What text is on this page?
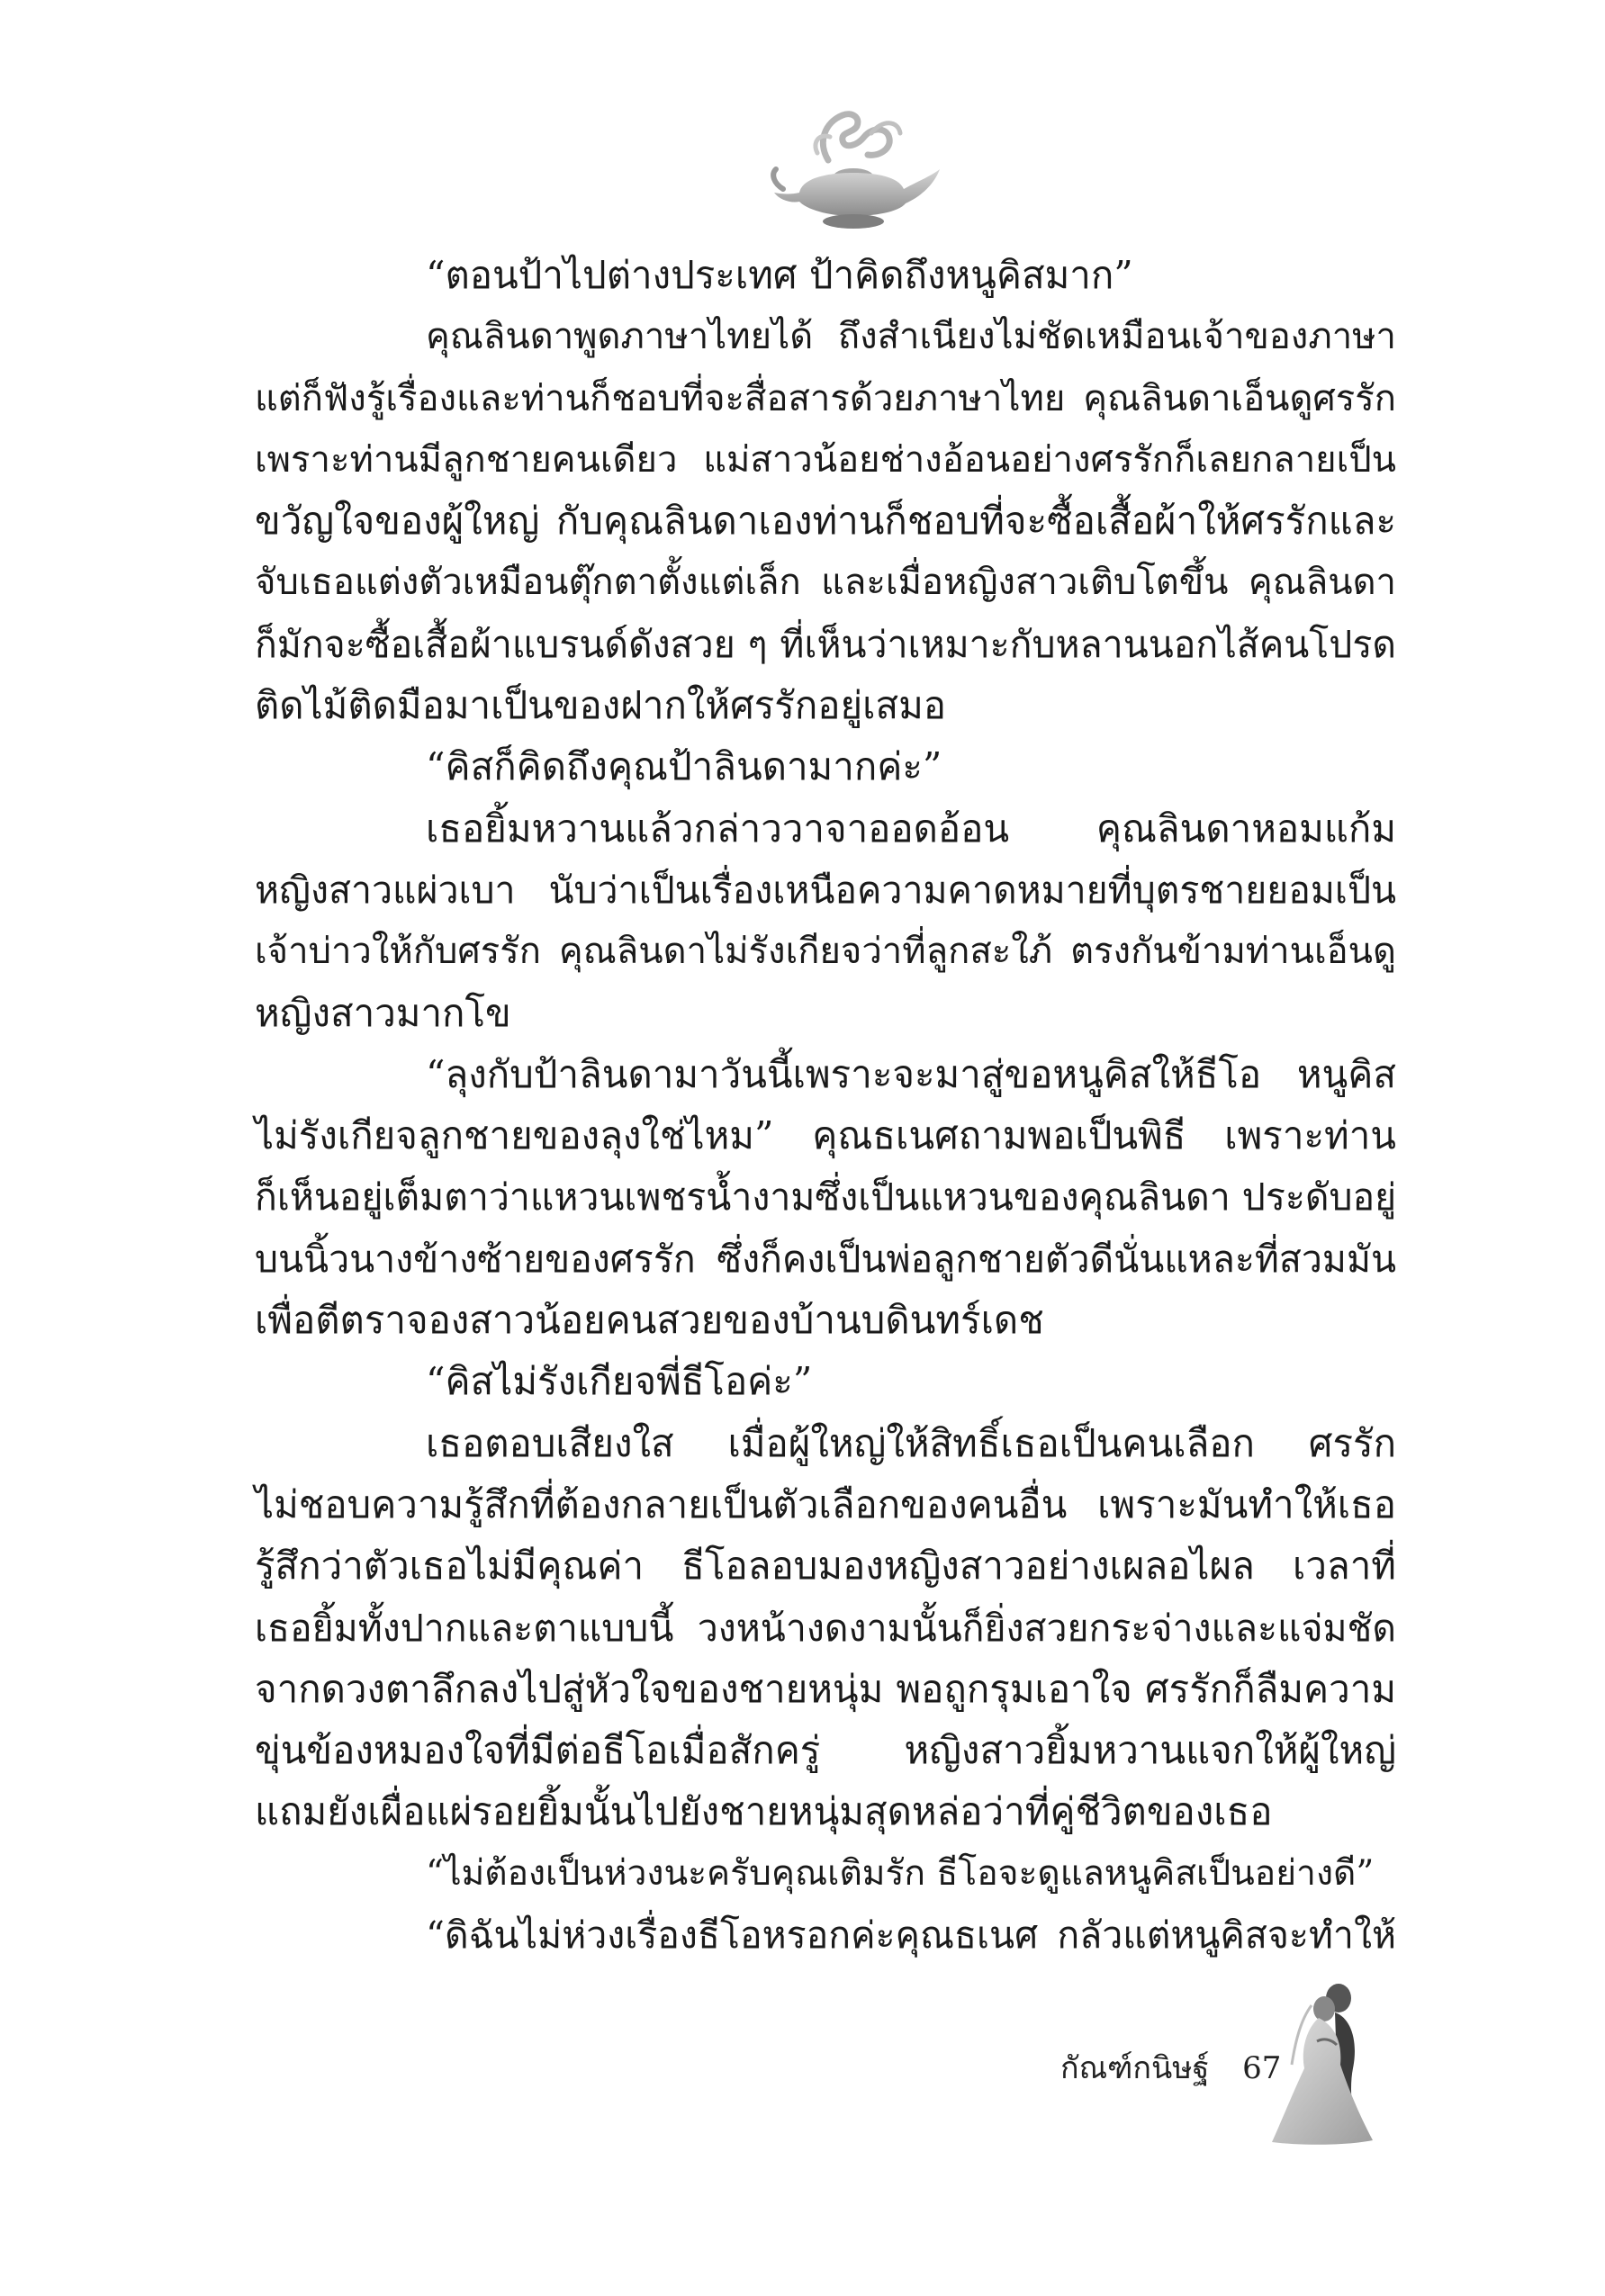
“ตอนป้าไปต่างประเทศ ป้าคิดถึงหนูคิสมาก”
คุณลินดาพูดภาษาไทยได้ ถึงสำเนียงไม่ชัดเหมือนเจ้าของภาษา
แต่ก็ฟังรู้เรื่องและท่านก็ชอบที่จะสื่อสารด้วยภาษาไทย คุณลินดาเอ็นดูศรรัก
เพราะท่านมีลูกชายคนเดียว แม่สาวน้อยช่างอ้อนอย่างศรรักก็เลยกลายเป็น
ขวัญใจของผู้ใหญ่ กับคุณลินดาเองท่านก็ชอบที่จะซื้อเสื้อผ้าให้ศรรักและ
จับเธอแต่งตัวเหมือนตุ๊กตาตั้งแต่เล็ก และเมื่อหญิงสาวเติบโตขึ้น คุณลินดา
ก็มักจะซื้อเสื้อผ้าแบรนด์ดังสวย ๆ ที่เห็นว่าเหมาะกับหลานนอกไส้คนโปรด
ติดไม้ติดมือมาเป็นของฝากให้ศรรักอยู่เสมอ
“คิสก็คิดถึงคุณป้าลินดามากค่ะ”
เธอยิ้มหวานแล้วกล่าววาจาออดอ้อน คุณลินดาหอมแก้ม
หญิงสาวแผ่วเบา นับว่าเป็นเรื่องเหนือความคาดหมายที่บุตรชายยอมเป็น
เจ้าบ่าวให้กับศรรัก คุณลินดาไม่รังเกียจว่าที่ลูกสะใภ้ ตรงกันข้ามท่านเอ็นดู
หญิงสาวมากโข
“ลุงกับป้าลินดามาวันนี้เพราะจะมาสู่ขอหนูคิสให้ธีโอ หนูคิส
ไม่รังเกียจลูกชายของลุงใช่ไหม” คุณธเนศถามพอเป็นพิธี เพราะท่าน
ก็เห็นอยู่เต็มตาว่าแหวนเพชรน้ำงามซึ่งเป็นแหวนของคุณลินดา ประดับอยู่
บนนิ้วนางข้างซ้ายของศรรัก ซึ่งก็คงเป็นพ่อลูกชายตัวดีนั่นแหละที่สวมมัน
เพื่อตีตราจองสาวน้อยคนสวยของบ้านบดินทร์เดช
“คิสไม่รังเกียจพี่ธีโอค่ะ”
เธอตอบเสียงใส เมื่อผู้ใหญ่ให้สิทธิ์เธอเป็นคนเลือก ศรรัก
ไม่ชอบความรู้สึกที่ต้องกลายเป็นตัวเลือกของคนอื่น เพราะมันทำให้เธอ
รู้สึกว่าตัวเธอไม่มีคุณค่า ธีโอลอบมองหญิงสาวอย่างเผลอไผล เวลาที่
เธอยิ้มทั้งปากและตาแบบนี้ วงหน้างดงามนั้นก็ยิ่งสวยกระจ่างและแจ่มชัด
จากดวงตาลึกลงไปสู่หัวใจของชายหนุ่ม พอถูกรุมเอาใจ ศรรักก็ลืมความ
ขุ่นข้องหมองใจที่มีต่อธีโอเมื่อสักครู่ หญิงสาวยิ้มหวานแจกให้ผู้ใหญ่
แถมยังเผื่อแผ่รอยยิ้มนั้นไปยังชายหนุ่มสุดหล่อว่าที่คู่ชีวิตของเธอ
“ไม่ต้องเป็นห่วงนะครับคุณเติมรัก ธีโอจะดูแลหนูคิสเป็นอย่างดี”
“ดิฉันไม่ห่วงเรื่องธีโอหรอกค่ะคุณธเนศ กลัวแต่หนูคิสจะทำให้
กัณฑ์กนิษฐ์ 67
